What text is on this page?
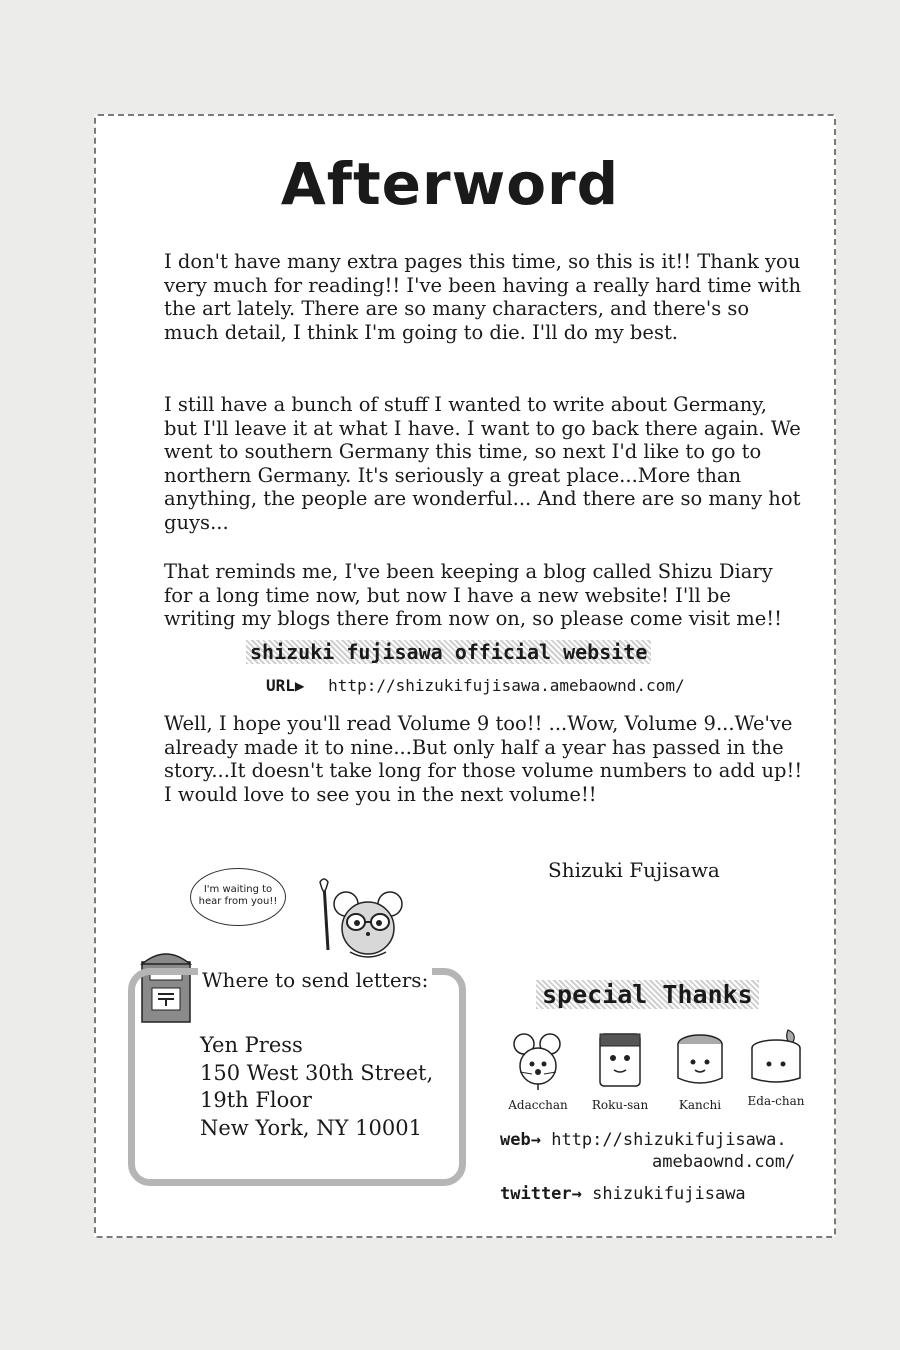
Afterword

I don't have many extra pages this time, so this is it!! Thank you very much for reading!! I've been having a really hard time with the art lately. There are so many characters, and there's so much detail, I think I'm going to die. I'll do my best.

I still have a bunch of stuff I wanted to write about Germany, but I'll leave it at what I have. I want to go back there again. We went to southern Germany this time, so next I'd like to go to northern Germany. It's seriously a great place...More than anything, the people are wonderful... And there are so many hot guys...

That reminds me, I've been keeping a blog called Shizu Diary for a long time now, but now I have a new website! I'll be writing my blogs there from now on, so please come visit me!!

shizuki fujisawa official website
URL▶ http://shizukifujisawa.amebaownd.com/

Well, I hope you'll read Volume 9 too!! ...Wow, Volume 9...We've already made it to nine...But only half a year has passed in the story...It doesn't take long for those volume numbers to add up!! I would love to see you in the next volume!!

Shizuki Fujisawa
I'm waiting to
hear from you!!
Where to send letters:
Yen Press
150 West 30th Street,
19th Floor
New York, NY 10001
special Thanks
Adacchan	Roku-san	Kanchi	Eda-chan
web→ http://shizukifujisawa.
amebaownd.com/
twitter→ shizukifujisawa
